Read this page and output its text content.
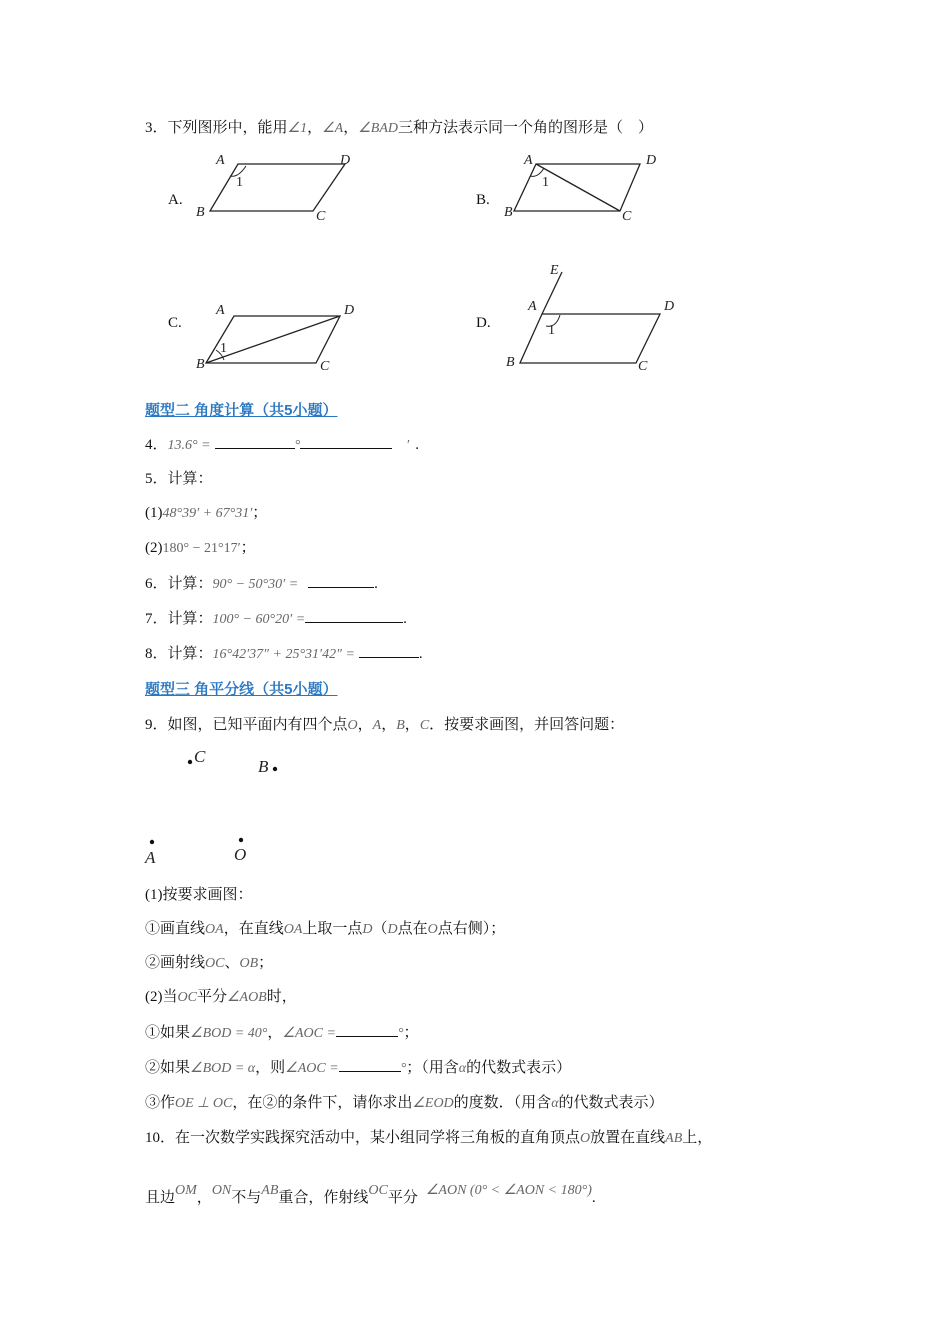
3．下列图形中，能用∠1，∠A，∠BAD三种方法表示同一个角的图形是（　）
A.
A	D
B	C
1
B.
A	D
B	C
1
C.
A	D
B	C
1
D.
E
A	D
B	C
1
题型二 角度计算（共5小题）
4．13.6° =	°	′ .
5．计算：
(1)48°39′ + 67°31′；
(2)180° − 21°17′；
6．计算：90° − 50°30′ =	.
7．计算：100° − 60°20′ =	.
8．计算：16°42′37″ + 25°31′42″ =	.
题型三 角平分线（共5小题）
9．如图，已知平面内有四个点O，A，B，C．按要求画图，并回答问题：
C
B
A	O
(1)按要求画图：
①画直线OA，在直线OA上取一点D（D点在O点右侧）；
②画射线OC、OB；
(2)当OC平分∠AOB时，
①如果∠BOD = 40°，∠AOC =	°；
②如果∠BOD = α，则∠AOC =	°；（用含α的代数式表示）
③作OE ⊥ OC，在②的条件下，请你求出∠EOD的度数．（用含α的代数式表示）
10．在一次数学实践探究活动中，某小组同学将三角板的直角顶点O放置在直线AB上，
且边OM，ON不与AB重合，作射线OC平分 ∠AON (0° < ∠AON < 180°).
